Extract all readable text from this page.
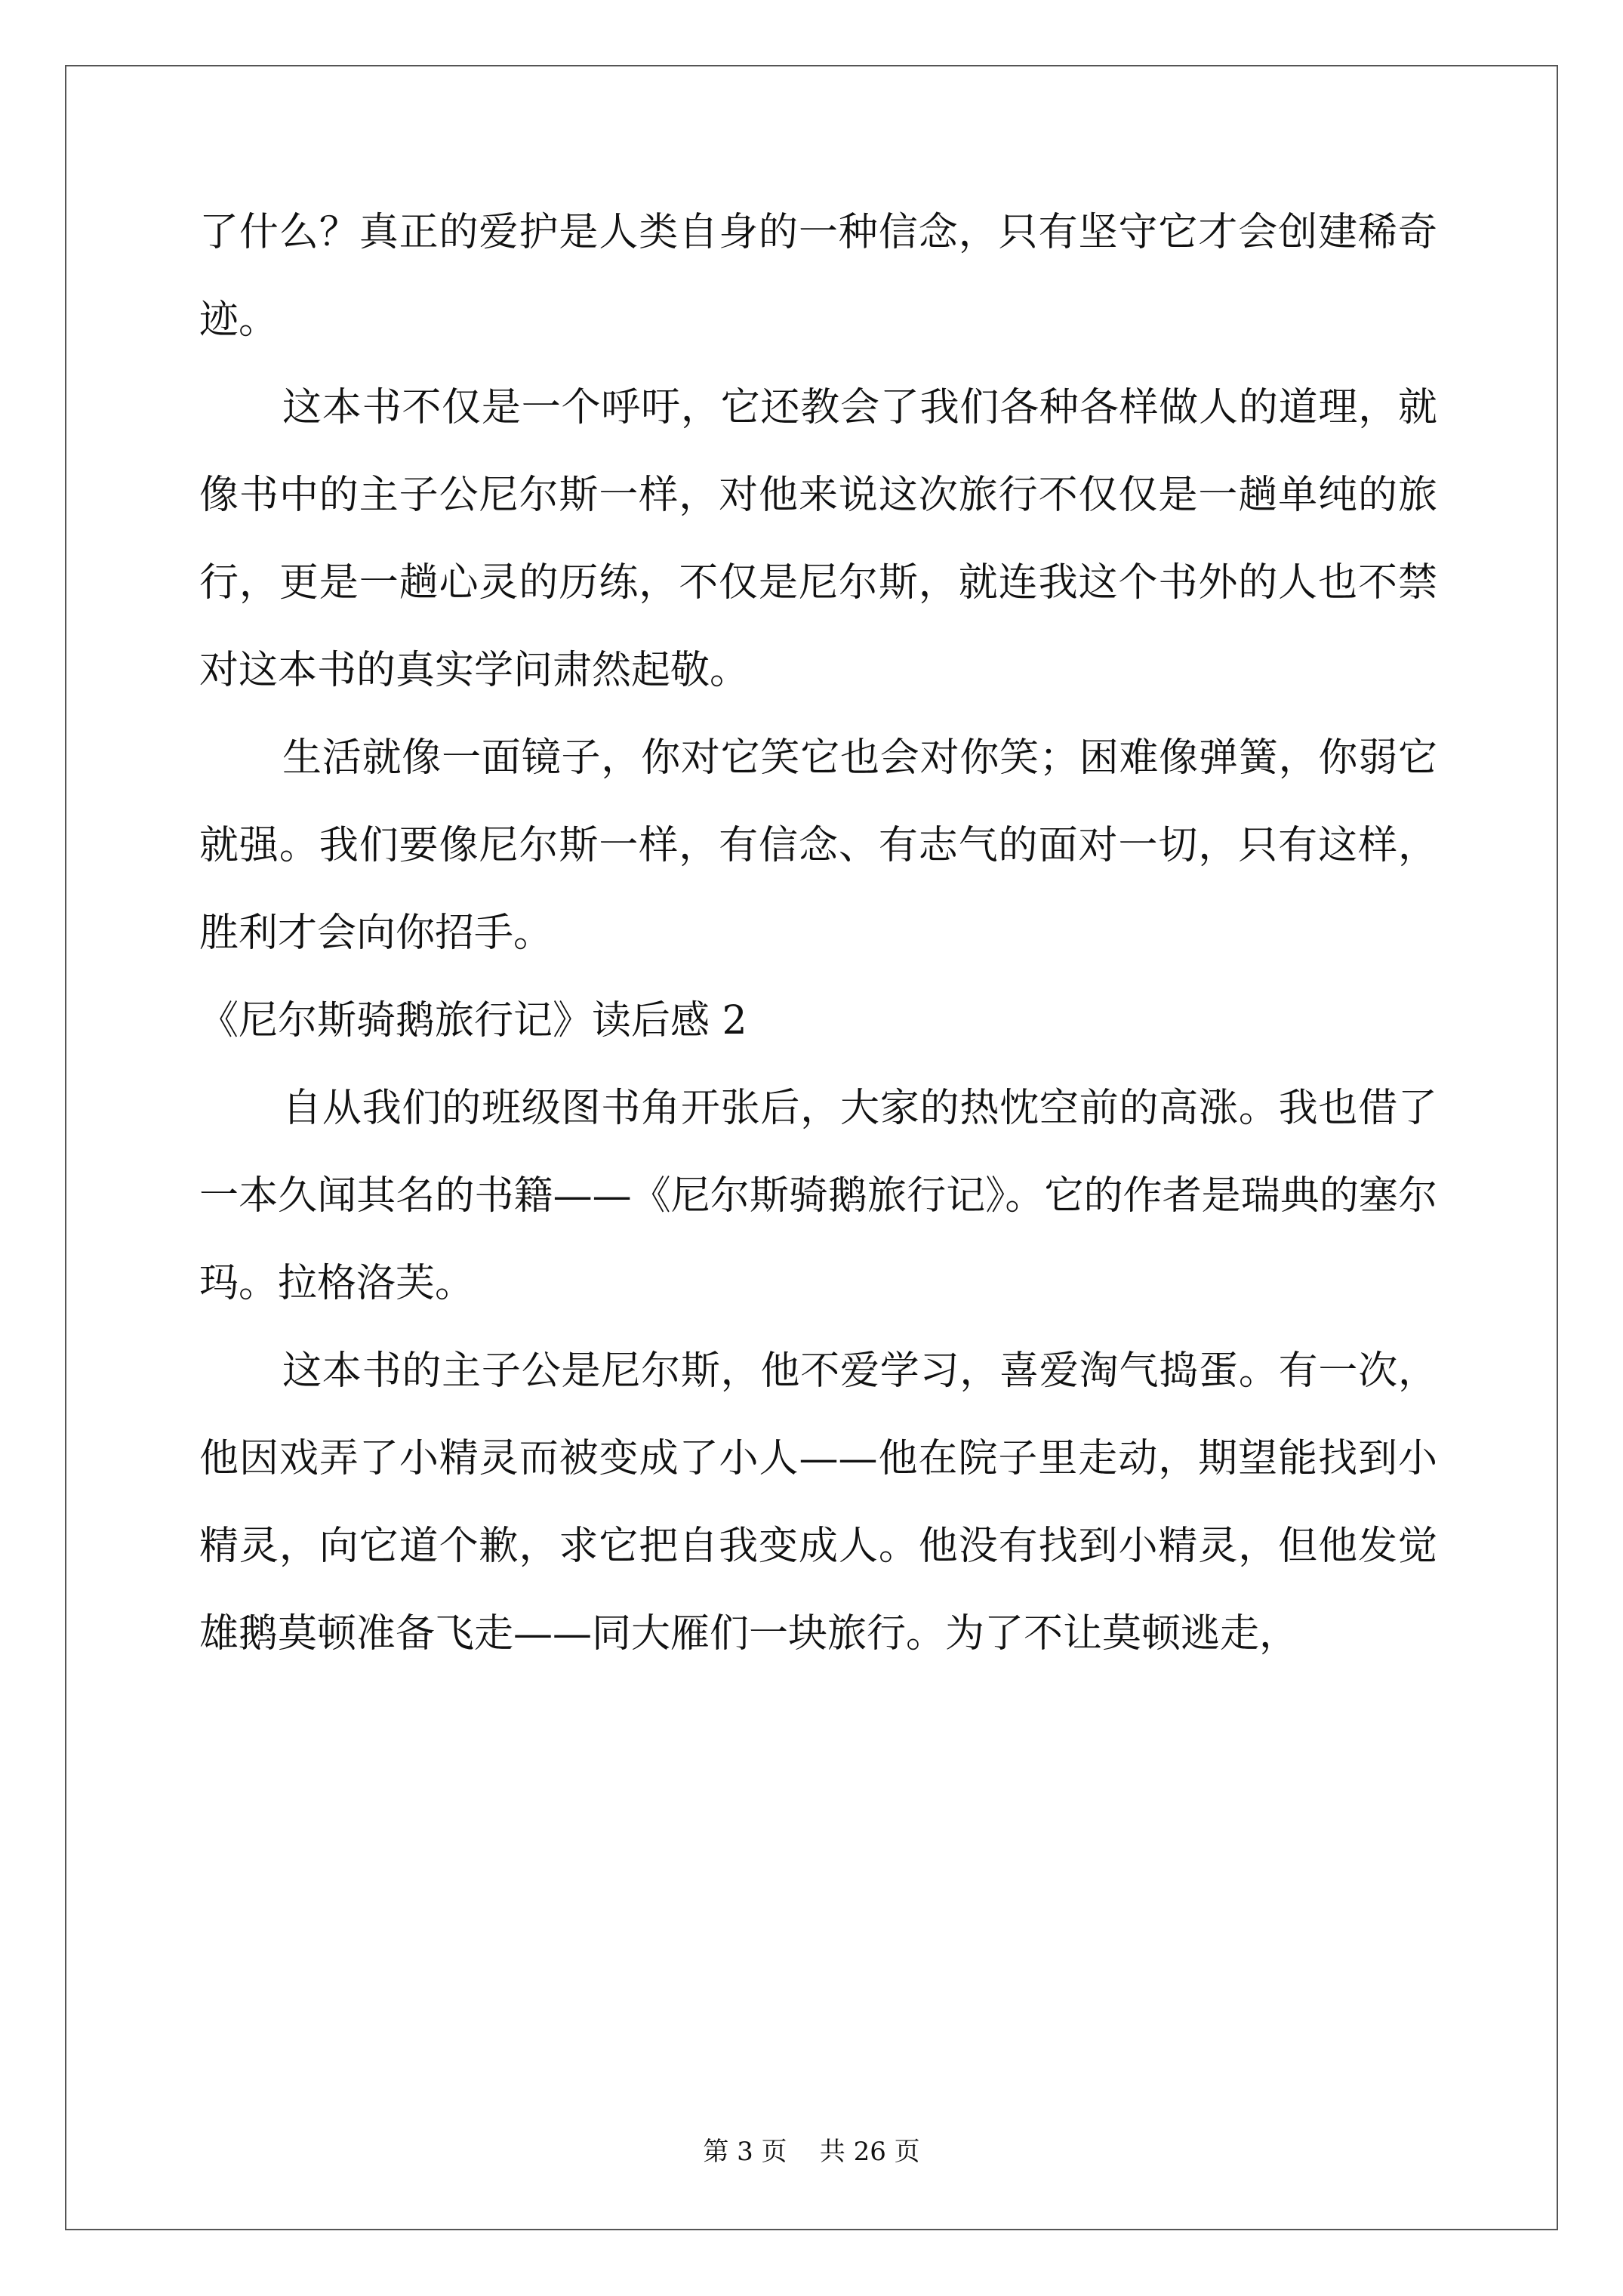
了什么？真正的爱护是人类自身的一种信念，只有坚守它才会创建稀奇迹。

这本书不仅是一个呼吁，它还教会了我们各种各样做人的道理，就像书中的主子公尼尔斯一样，对他来说这次旅行不仅仅是一趟单纯的旅行，更是一趟心灵的历练，不仅是尼尔斯，就连我这个书外的人也不禁对这本书的真实学问肃然起敬。

生活就像一面镜子，你对它笑它也会对你笑；困难像弹簧，你弱它就强。我们要像尼尔斯一样，有信念、有志气的面对一切，只有这样，胜利才会向你招手。

《尼尔斯骑鹅旅行记》读后感 2

自从我们的班级图书角开张后，大家的热忱空前的高涨。我也借了一本久闻其名的书籍——《尼尔斯骑鹅旅行记》。它的作者是瑞典的塞尔玛。拉格洛芙。

这本书的主子公是尼尔斯，他不爱学习，喜爱淘气捣蛋。有一次，他因戏弄了小精灵而被变成了小人——他在院子里走动，期望能找到小精灵，向它道个歉，求它把自我变成人。他没有找到小精灵，但他发觉雄鹅莫顿准备飞走——同大雁们一块旅行。为了不让莫顿逃走，

第 3 页 共 26 页
